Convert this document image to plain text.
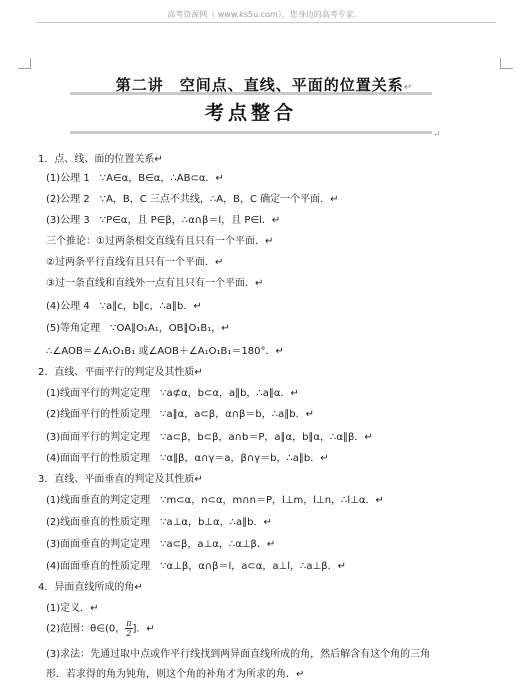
高考资源网（ www.ks5u.com），您身边的高考专家。
第二讲　空间点、直线、平面的位置关系↵
考点整合
↵
1．点、线、面的位置关系↵
(1)公理 1　∵A∈α，B∈α，∴AB⊂α．↵
(2)公理 2　∵A，B，C 三点不共线，∴A，B，C 确定一个平面．↵
(3)公理 3　∵P∈α，且 P∈β，∴α∩β＝l，且 P∈l．↵
三个推论：①过两条相交直线有且只有一个平面．↵
②过两条平行直线有且只有一个平面．↵
③过一条直线和直线外一点有且只有一个平面．↵
(4)公理 4　∵a∥c，b∥c，∴a∥b．↵
(5)等角定理　∵OA∥O₁A₁，OB∥O₁B₁，↵
∴∠AOB＝∠A₁O₁B₁ 或∠AOB＋∠A₁O₁B₁＝180°．↵
2．直线、平面平行的判定及其性质↵
(1)线面平行的判定定理　∵a⊄α，b⊂α，a∥b，∴a∥α．↵
(2)线面平行的性质定理　∵a∥α，a⊂β，α∩β＝b，∴a∥b．↵
(3)面面平行的判定定理　∵a⊂β，b⊂β，a∩b＝P，a∥α，b∥α，∴α∥β．↵
(4)面面平行的性质定理　∵α∥β，α∩γ＝a，β∩γ＝b，∴a∥b．↵
3．直线、平面垂直的判定及其性质↵
(1)线面垂直的判定定理　∵m⊂α，n⊂α，m∩n＝P，l⊥m，l⊥n，∴l⊥α．↵
(2)线面垂直的性质定理　∵a⊥α，b⊥α，∴a∥b．↵
(3)面面垂直的判定定理　∵a⊂β，a⊥α，∴α⊥β．↵
(4)面面垂直的性质定理　∵α⊥β，α∩β＝l，a⊂α，a⊥l，∴a⊥β．↵
4．异面直线所成的角↵
(1)定义．↵
(3)求法：先通过取中点或作平行线找到两异面直线所成的角，然后解含有这个角的三角
形．若求得的角为钝角，则这个角的补角才为所求的角．↵
(2)范围：θ∈(0， $\frac{\pi}{2}$ ]．↵
